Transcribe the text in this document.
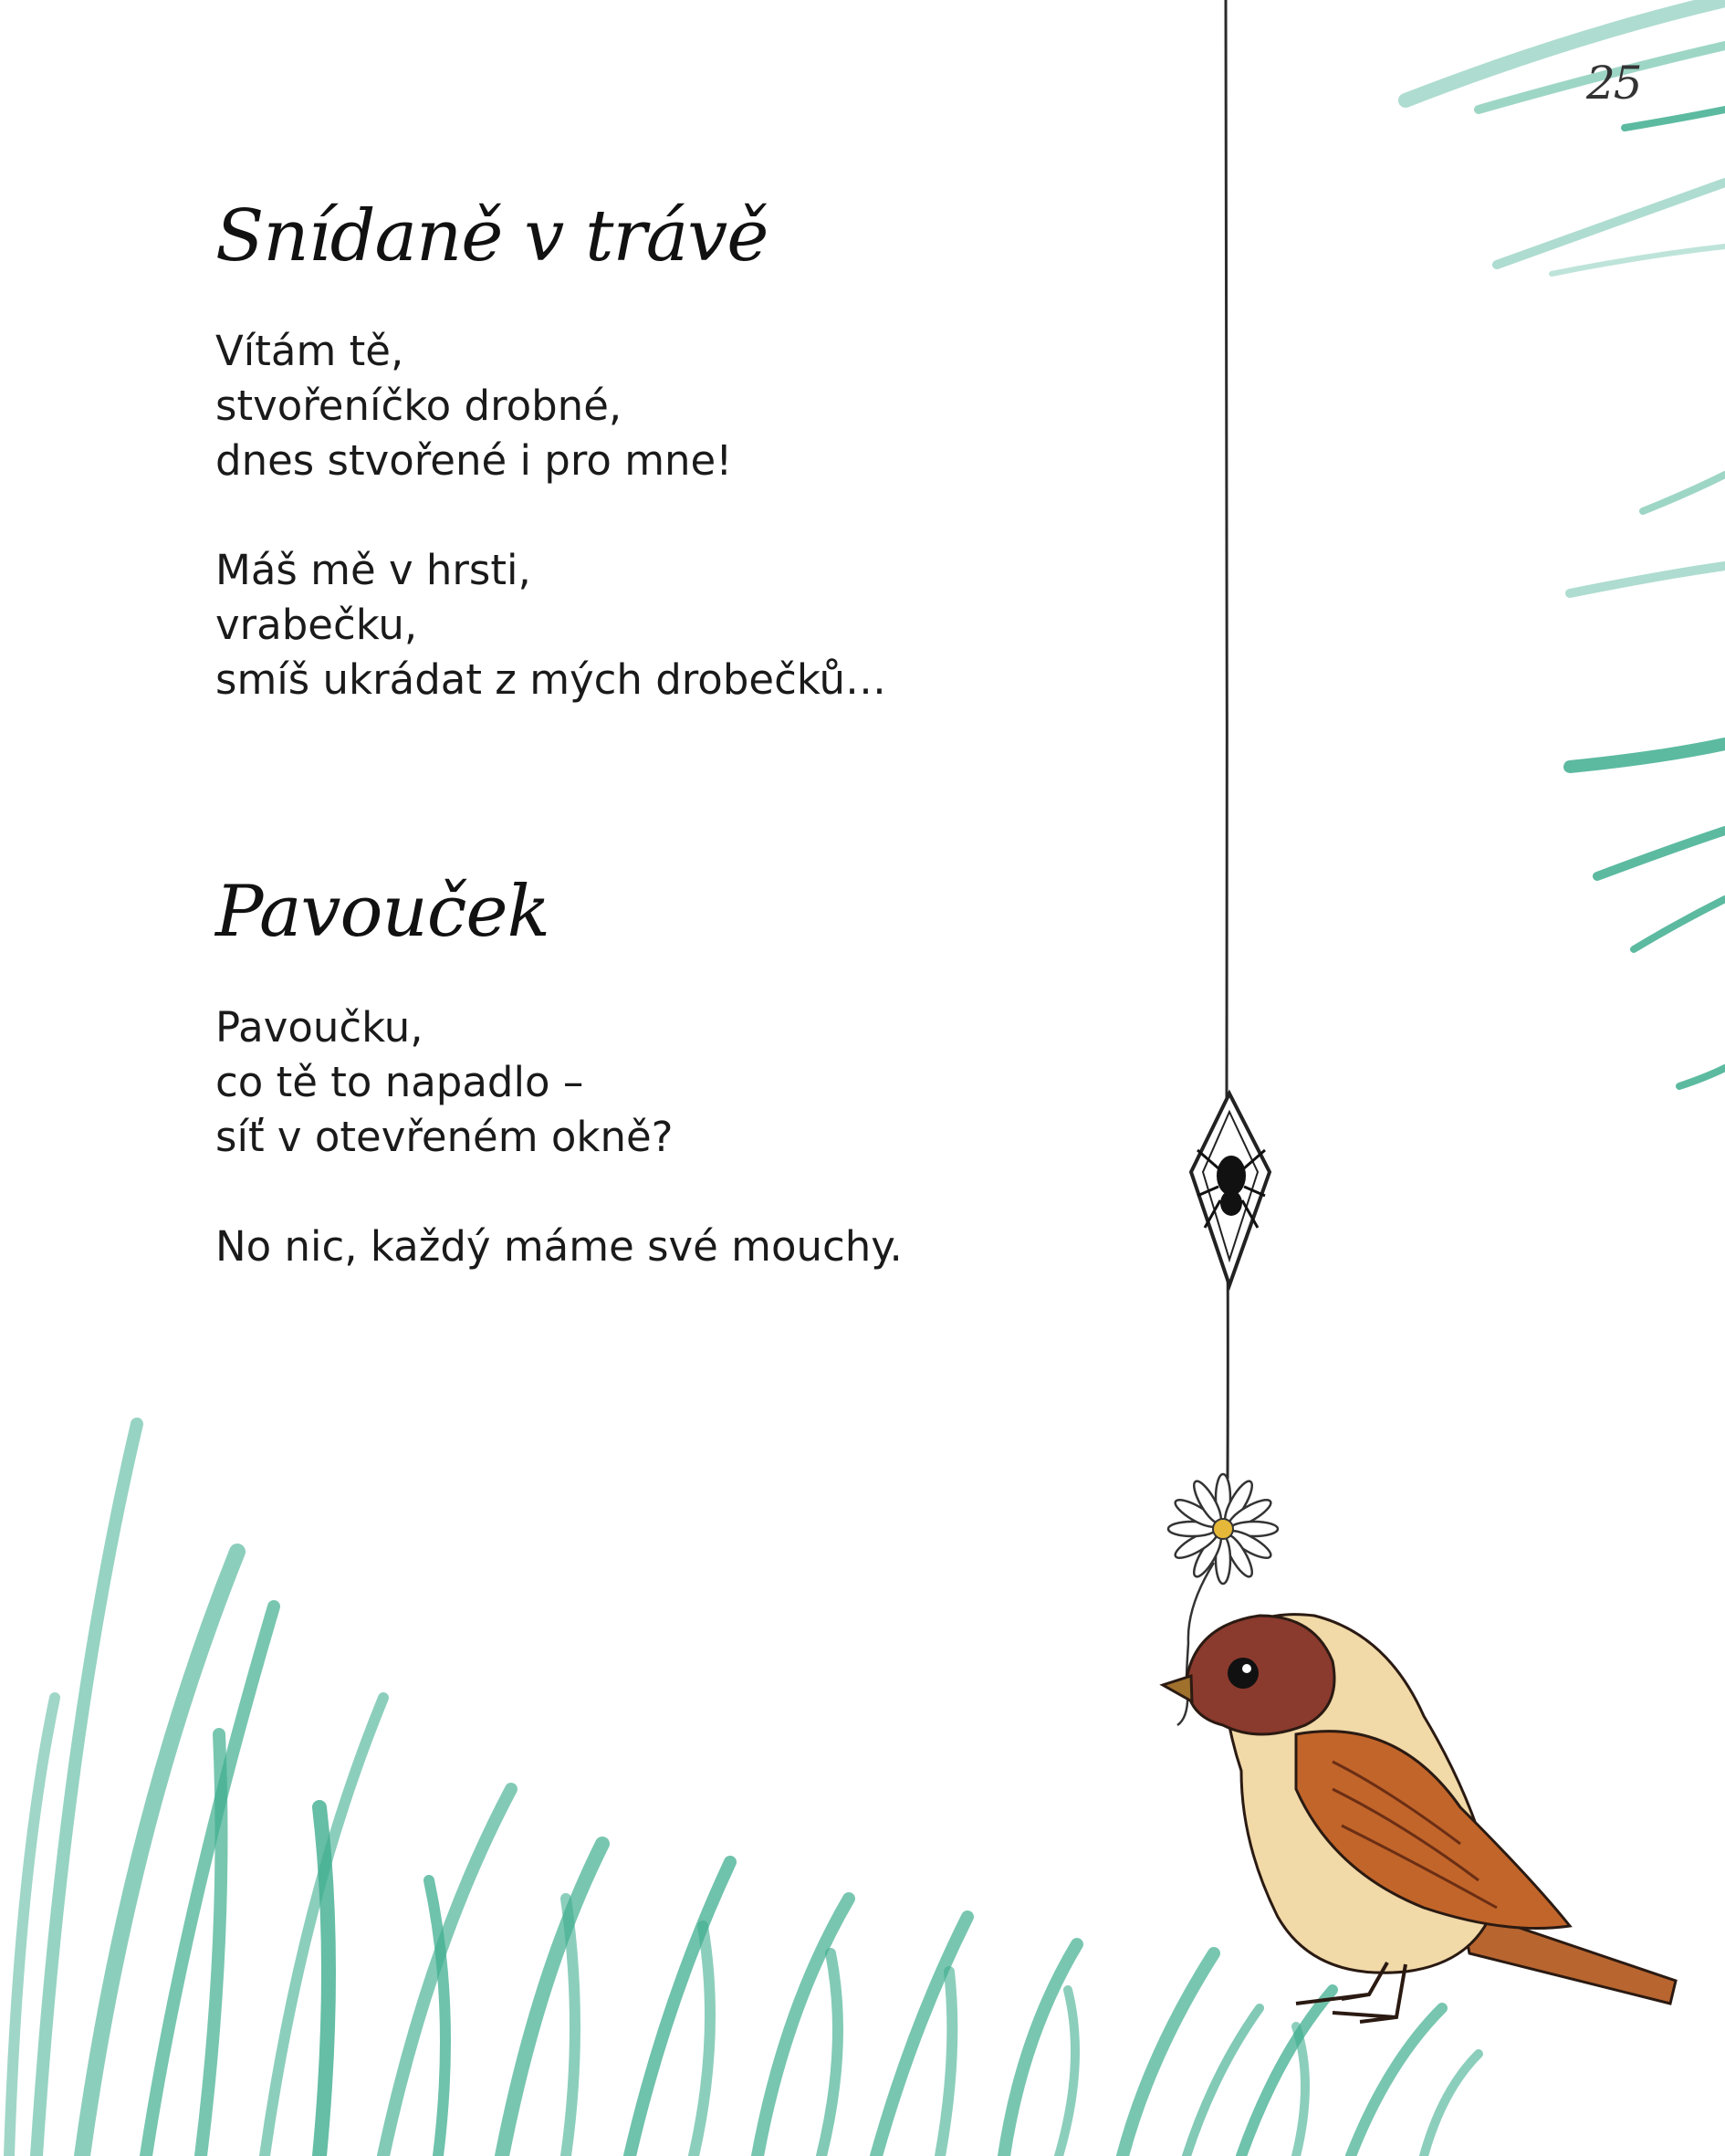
25
Snídaně v trávě

Vítám tě,
stvořeníčko drobné,
dnes stvořené i pro mne!

Máš mě v hrsti,
vrabečku,
smíš ukrádat z mých drobečků…

Pavouček

Pavoučku,
co tě to napadlo –
síť v otevřeném okně?

No nic, každý máme své mouchy.
